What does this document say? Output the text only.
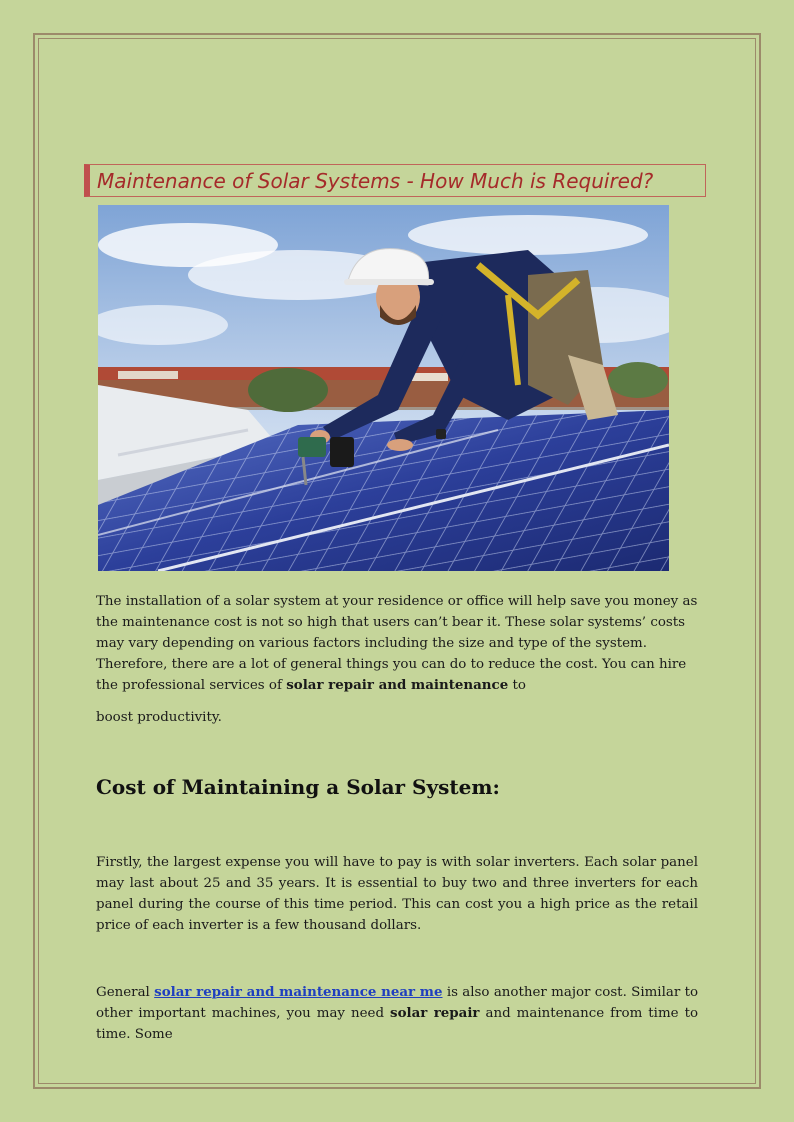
Maintenance of Solar Systems - How Much is Required?

The installation of a solar system at your residence or office will help save you money as the maintenance cost is not so high that users can’t bear it. These solar systems’ costs may vary depending on various factors including the size and type of the system. Therefore, there are a lot of general things you can do to reduce the cost. You can hire the professional services of solar repair and maintenance to

boost productivity.

Cost of Maintaining a Solar System:

Firstly, the largest expense you will have to pay is with solar inverters. Each solar panel may last about 25 and 35 years. It is essential to buy two and three inverters for each panel during the course of this time period. This can cost you a high price as the retail price of each inverter is a few thousand dollars.

General solar repair and maintenance near me is also another major cost. Similar to other important machines, you may need solar repair and maintenance from time to time. Some
